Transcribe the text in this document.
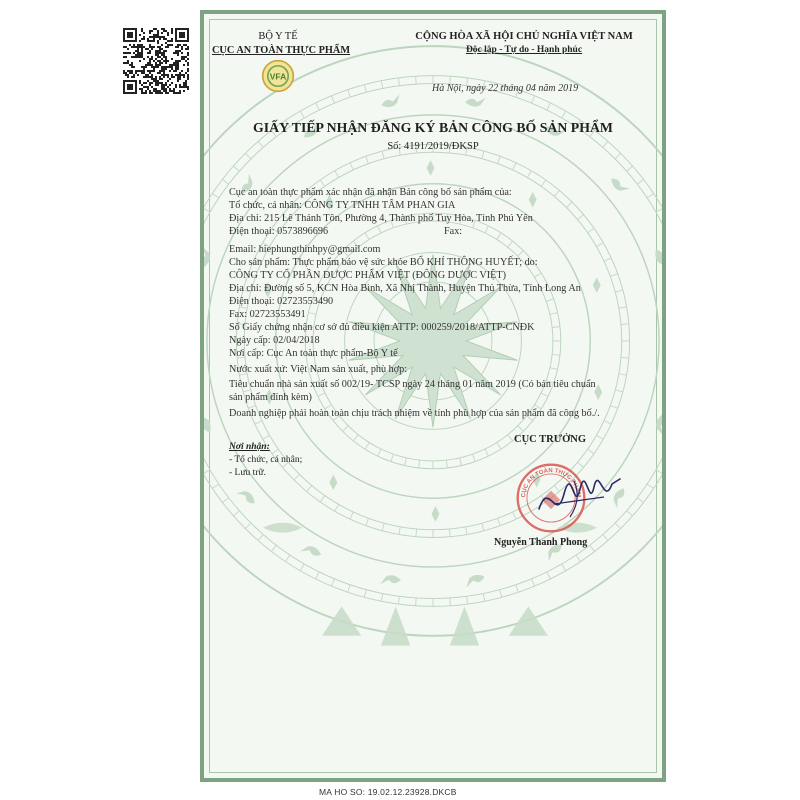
BỘ Y TẾ
CỤC AN TOÀN THỰC PHẨM
VFA
CỘNG HÒA XÃ HỘI CHỦ NGHĨA VIỆT NAM
Độc lập - Tự do - Hạnh phúc
Hà Nội, ngày 22 tháng 04 năm 2019
GIẤY TIẾP NHẬN ĐĂNG KÝ BẢN CÔNG BỐ SẢN PHẨM
Số: 4191/2019/ĐKSP
Cục an toàn thực phẩm xác nhận đã nhận Bản công bố sản phẩm của:
Tổ chức, cá nhân: CÔNG TY TNHH TÂM PHAN GIA
Địa chỉ: 215 Lê Thánh Tôn, Phường 4, Thành phố Tuy Hòa, Tỉnh Phú Yên
Điện thoại: 0573896696	Fax:
Email: hiephungthinhpy@gmail.com
Cho sản phẩm: Thực phẩm bảo vệ sức khỏe BỔ KHÍ THÔNG HUYẾT; do:
CÔNG TY CỔ PHẦN DƯỢC PHẨM VIỆT (ĐÔNG DƯỢC VIỆT)
Địa chỉ: Đường số 5, KCN Hòa Bình, Xã Nhị Thành, Huyện Thủ Thừa, Tỉnh Long An
Điện thoại: 02723553490
Fax: 02723553491
Số Giấy chứng nhận cơ sở đủ điều kiện ATTP: 000259/2018/ATTP-CNĐK
Ngày cấp: 02/04/2018
Nơi cấp: Cục An toàn thực phẩm-Bộ Y tế
Nước xuất xứ: Việt Nam sản xuất, phù hợp:
Tiêu chuẩn nhà sản xuất số 002/19- TCSP ngày 24 tháng 01 năm 2019 (Có bản tiêu chuẩn
sản phẩm đính kèm)
Doanh nghiệp phải hoàn toàn chịu trách nhiệm về tính phù hợp của sản phẩm đã công bố./.
Nơi nhận:
- Tổ chức, cá nhân;
- Lưu trữ.
CỤC TRƯỞNG
CỤC AN TOÀN THỰC PHẨM
Nguyễn Thanh Phong
MA HO SO: 19.02.12.23928.DKCB
